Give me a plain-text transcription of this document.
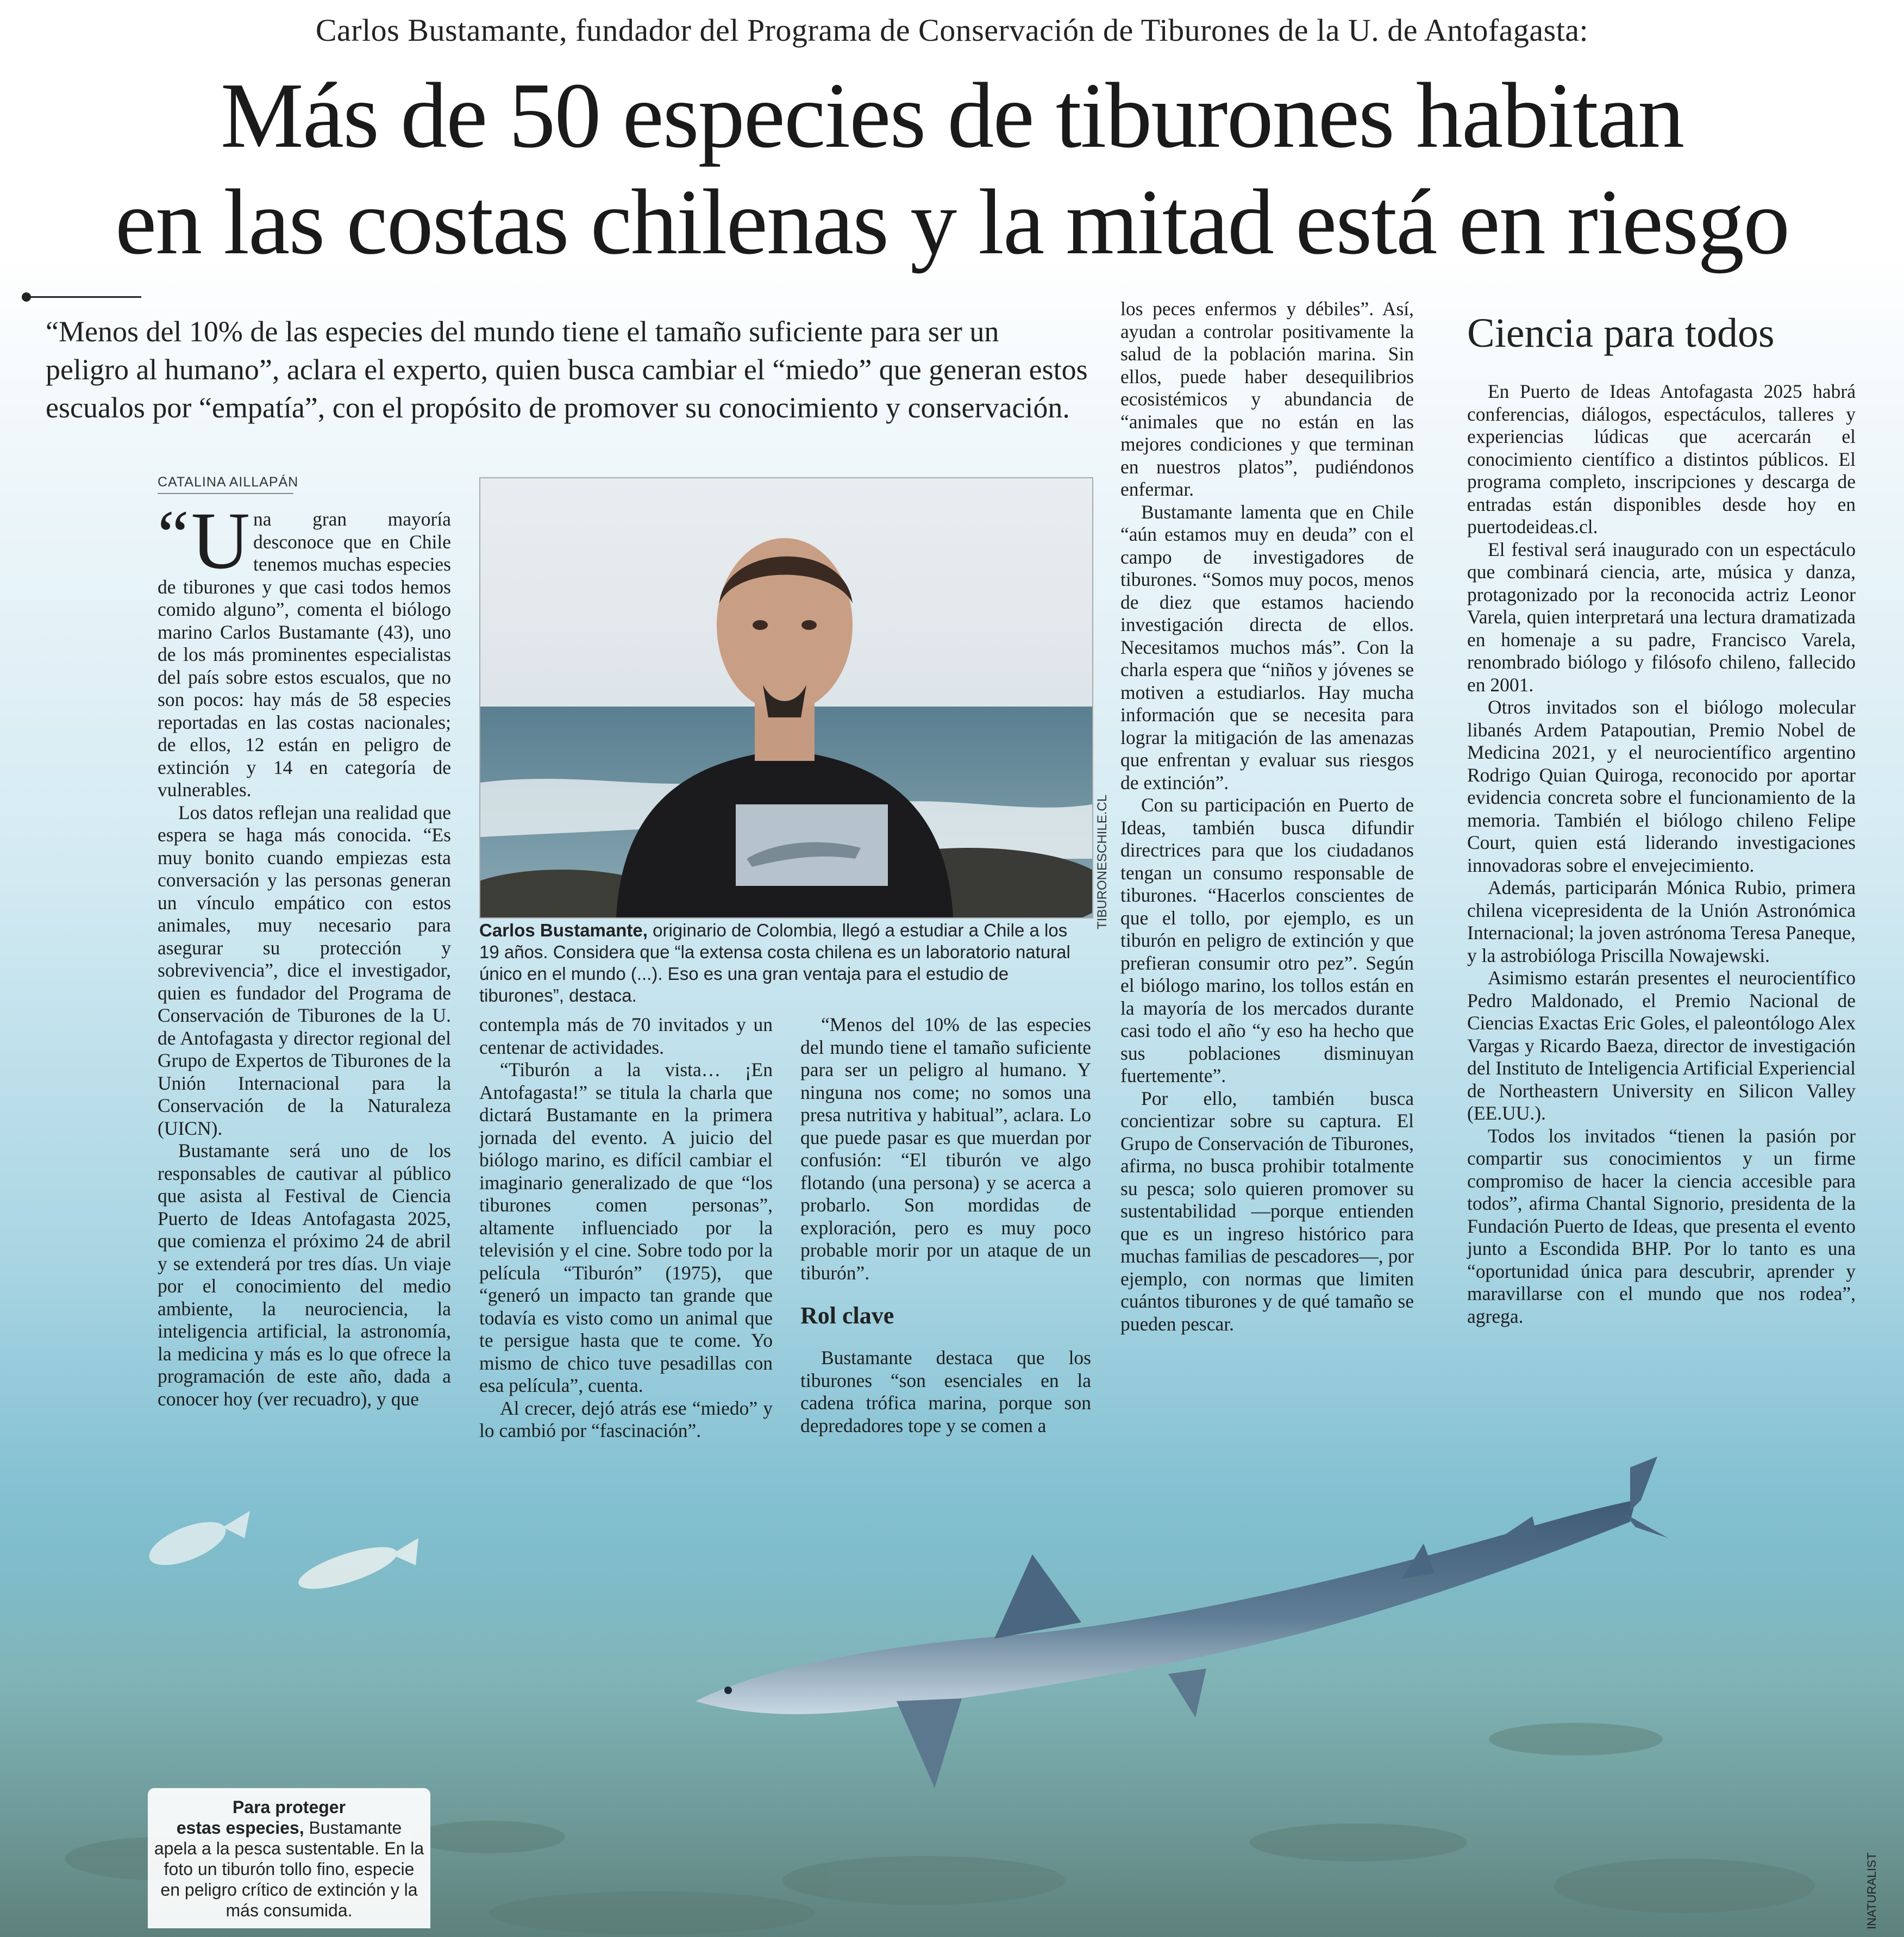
Carlos Bustamante, fundador del Programa de Conservación de Tiburones de la U. de Antofagasta:
Más de 50 especies de tiburones habitan
en las costas chilenas y la mitad está en riesgo
“Menos del 10% de las especies del mundo tiene el tamaño suficiente para ser un peligro al humano”, aclara el experto, quien busca cambiar el “miedo” que generan estos escualos por “empatía”, con el propósito de promover su conocimiento y conservación.
CATALINA AILLAPÁN

“U na gran mayoría desconoce que en Chile tenemos muchas especies de tiburones y que casi todos hemos comido alguno”, comenta el biólogo marino Carlos Bustamante (43), uno de los más prominentes especialistas del país sobre estos escualos, que no son pocos: hay más de 58 especies reportadas en las costas nacionales; de ellos, 12 están en peligro de extinción y 14 en categoría de vulnerables.

Los datos reflejan una realidad que espera se haga más conocida. “Es muy bonito cuando empiezas esta conversación y las personas generan un vínculo empático con estos animales, muy necesario para asegurar su protección y sobrevivencia”, dice el investigador, quien es fundador del Programa de Conservación de Tiburones de la U. de Antofagasta y director regional del Grupo de Expertos de Tiburones de la Unión Internacional para la Conservación de la Naturaleza (UICN).

Bustamante será uno de los responsables de cautivar al público que asista al Festival de Ciencia Puerto de Ideas Antofagasta 2025, que comienza el próximo 24 de abril y se extenderá por tres días. Un viaje por el conocimiento del medio ambiente, la neurociencia, la inteligencia artificial, la astronomía, la medicina y más es lo que ofrece la programación de este año, dada a conocer hoy (ver recuadro), y que

TIBURONESCHILE.CL
Carlos Bustamante, originario de Colombia, llegó a estudiar a Chile a los 19 años. Considera que “la extensa costa chilena es un laboratorio natural único en el mundo (...). Eso es una gran ventaja para el estudio de tiburones”, destaca.

contempla más de 70 invitados y un centenar de actividades.

“Tiburón a la vista… ¡En Antofagasta!” se titula la charla que dictará Bustamante en la primera jornada del evento. A juicio del biólogo marino, es difícil cambiar el imaginario generalizado de que “los tiburones comen personas”, altamente influenciado por la televisión y el cine. Sobre todo por la película “Tiburón” (1975), que “generó un impacto tan grande que todavía es visto como un animal que te persigue hasta que te come. Yo mismo de chico tuve pesadillas con esa película”, cuenta.

Al crecer, dejó atrás ese “miedo” y lo cambió por “fascinación”.

“Menos del 10% de las especies del mundo tiene el tamaño suficiente para ser un peligro al humano. Y ninguna nos come; no somos una presa nutritiva y habitual”, aclara. Lo que puede pasar es que muerdan por confusión: “El tiburón ve algo flotando (una persona) y se acerca a probarlo. Son mordidas de exploración, pero es muy poco probable morir por un ataque de un tiburón”.

Rol clave

Bustamante destaca que los tiburones “son esenciales en la cadena trófica marina, porque son depredadores tope y se comen a

los peces enfermos y débiles”. Así, ayudan a controlar positivamente la salud de la población marina. Sin ellos, puede haber desequilibrios ecosistémicos y abundancia de “animales que no están en las mejores condiciones y que terminan en nuestros platos”, pudiéndonos enfermar.

Bustamante lamenta que en Chile “aún estamos muy en deuda” con el campo de investigadores de tiburones. “Somos muy pocos, menos de diez que estamos haciendo investigación directa de ellos. Necesitamos muchos más”. Con la charla espera que “niños y jóvenes se motiven a estudiarlos. Hay mucha información que se necesita para lograr la mitigación de las amenazas que enfrentan y evaluar sus riesgos de extinción”.

Con su participación en Puerto de Ideas, también busca difundir directrices para que los ciudadanos tengan un consumo responsable de tiburones. “Hacerlos conscientes de que el tollo, por ejemplo, es un tiburón en peligro de extinción y que prefieran consumir otro pez”. Según el biólogo marino, los tollos están en la mayoría de los mercados durante casi todo el año “y eso ha hecho que sus poblaciones disminuyan fuertemente”.

Por ello, también busca concientizar sobre su captura. El Grupo de Conservación de Tiburones, afirma, no busca prohibir totalmente su pesca; solo quieren promover su sustentabilidad —porque entienden que es un ingreso histórico para muchas familias de pescadores—, por ejemplo, con normas que limiten cuántos tiburones y de qué tamaño se pueden pescar.

Ciencia para todos

En Puerto de Ideas Antofagasta 2025 habrá conferencias, diálogos, espectáculos, talleres y experiencias lúdicas que acercarán el conocimiento científico a distintos públicos. El programa completo, inscripciones y descarga de entradas están disponibles desde hoy en puertodeideas.cl.

El festival será inaugurado con un espectáculo que combinará ciencia, arte, música y danza, protagonizado por la reconocida actriz Leonor Varela, quien interpretará una lectura dramatizada en homenaje a su padre, Francisco Varela, renombrado biólogo y filósofo chileno, fallecido en 2001.

Otros invitados son el biólogo molecular libanés Ardem Patapoutian, Premio Nobel de Medicina 2021, y el neurocientífico argentino Rodrigo Quian Quiroga, reconocido por aportar evidencia concreta sobre el funcionamiento de la memoria. También el biólogo chileno Felipe Court, quien está liderando investigaciones innovadoras sobre el envejecimiento.

Además, participarán Mónica Rubio, primera chilena vicepresidenta de la Unión Astronómica Internacional; la joven astrónoma Teresa Paneque, y la astrobióloga Priscilla Nowajewski.

Asimismo estarán presentes el neurocientífico Pedro Maldonado, el Premio Nacional de Ciencias Exactas Eric Goles, el paleontólogo Alex Vargas y Ricardo Baeza, director de investigación del Instituto de Inteligencia Artificial Experiencial de Northeastern University en Silicon Valley (EE.UU.).

Todos los invitados “tienen la pasión por compartir sus conocimientos y un firme compromiso de hacer la ciencia accesible para todos”, afirma Chantal Signorio, presidenta de la Fundación Puerto de Ideas, que presenta el evento junto a Escondida BHP. Por lo tanto es una “oportunidad única para descubrir, aprender y maravillarse con el mundo que nos rodea”, agrega.

Para proteger
estas especies, Bustamante apela a la pesca sustentable. En la foto un tiburón tollo fino, especie en peligro crítico de extinción y la más consumida.	INATURALIST
